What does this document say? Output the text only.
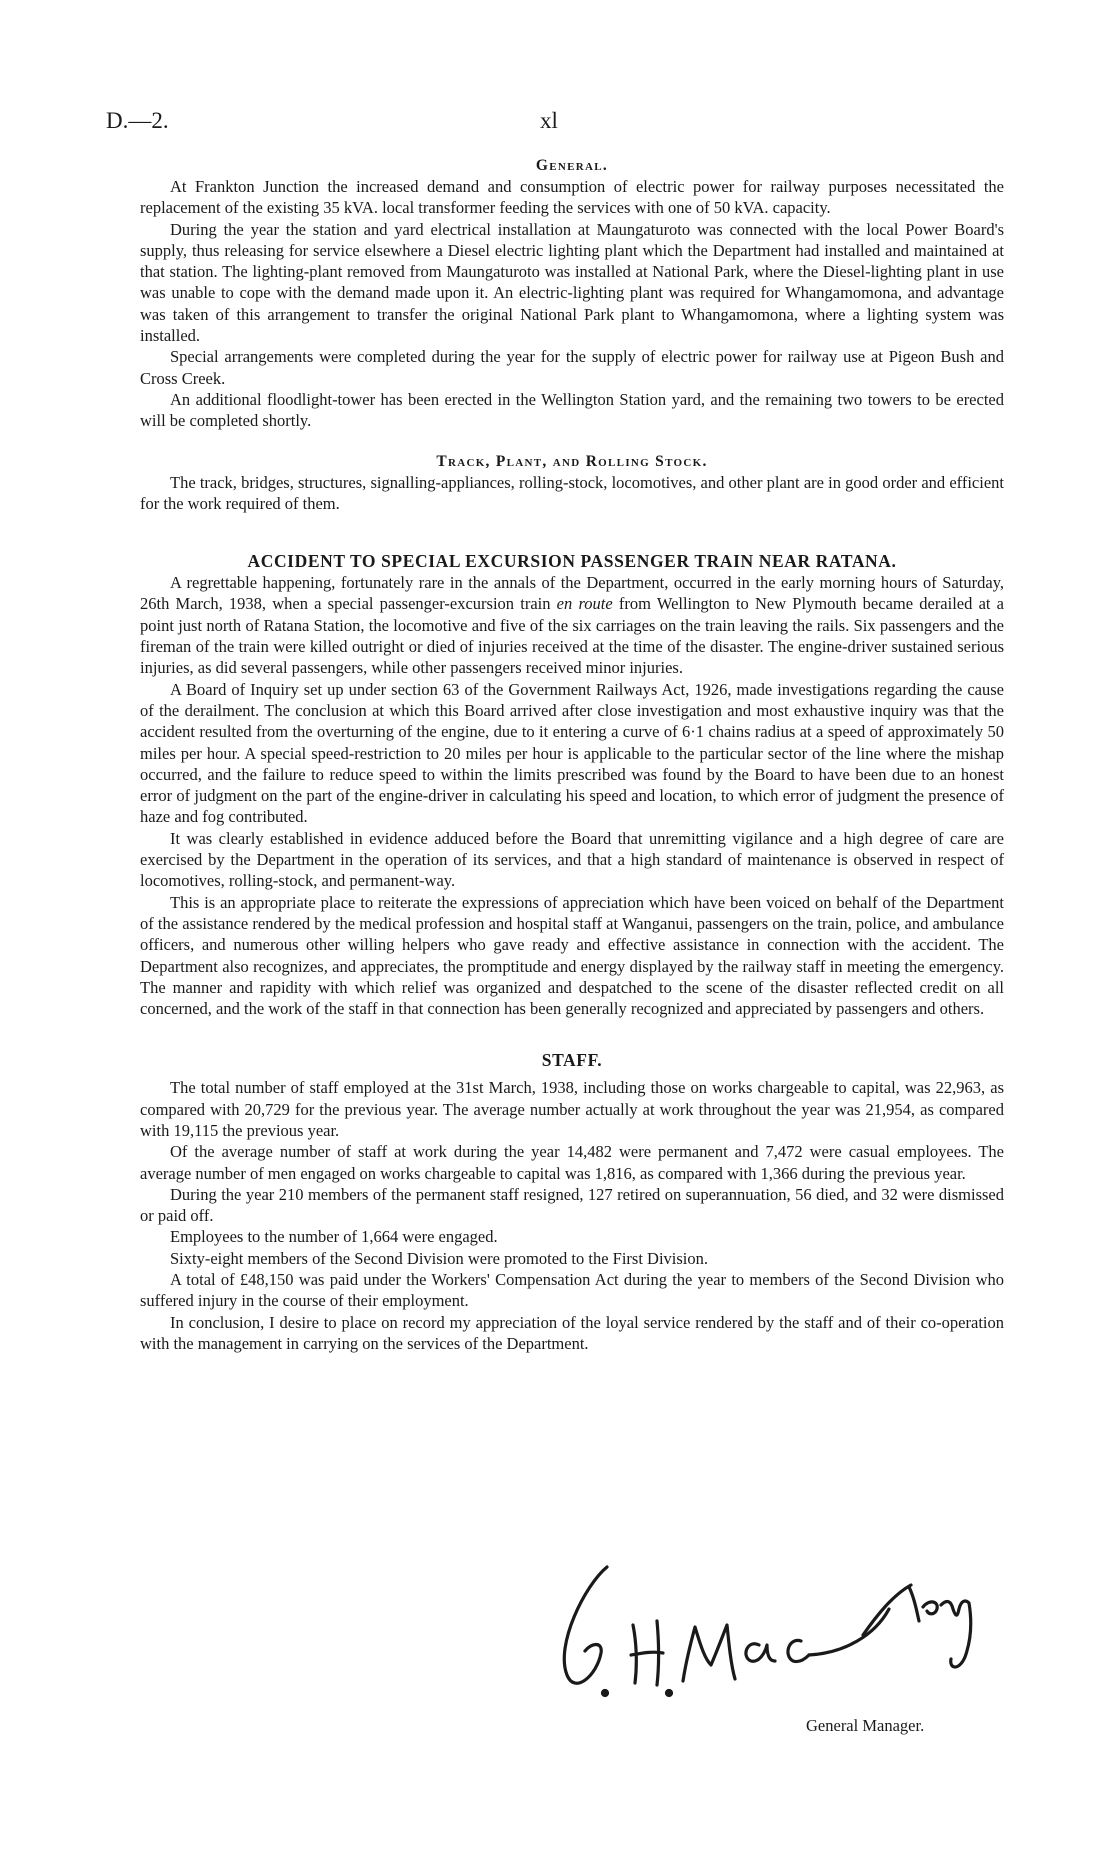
D.—2.	xl
General.

At Frankton Junction the increased demand and consumption of electric power for railway purposes necessitated the replacement of the existing 35 kVA. local transformer feeding the services with one of 50 kVA. capacity.

During the year the station and yard electrical installation at Maungaturoto was connected with the local Power Board's supply, thus releasing for service elsewhere a Diesel electric lighting plant which the Department had installed and maintained at that station. The lighting-plant removed from Maungaturoto was installed at National Park, where the Diesel-lighting plant in use was unable to cope with the demand made upon it. An electric-lighting plant was required for Whangamomona, and advantage was taken of this arrangement to transfer the original National Park plant to Whangamomona, where a lighting system was installed.

Special arrangements were completed during the year for the supply of electric power for railway use at Pigeon Bush and Cross Creek.

An additional floodlight-tower has been erected in the Wellington Station yard, and the remaining two towers to be erected will be completed shortly.

Track, Plant, and Rolling Stock.

The track, bridges, structures, signalling-appliances, rolling-stock, locomotives, and other plant are in good order and efficient for the work required of them.

ACCIDENT TO SPECIAL EXCURSION PASSENGER TRAIN NEAR RATANA.

A regrettable happening, fortunately rare in the annals of the Department, occurred in the early morning hours of Saturday, 26th March, 1938, when a special passenger-excursion train en route from Wellington to New Plymouth became derailed at a point just north of Ratana Station, the locomotive and five of the six carriages on the train leaving the rails. Six passengers and the fireman of the train were killed outright or died of injuries received at the time of the disaster. The engine-driver sustained serious injuries, as did several passengers, while other passengers received minor injuries.

A Board of Inquiry set up under section 63 of the Government Railways Act, 1926, made investigations regarding the cause of the derailment. The conclusion at which this Board arrived after close investigation and most exhaustive inquiry was that the accident resulted from the overturning of the engine, due to it entering a curve of 6·1 chains radius at a speed of approximately 50 miles per hour. A special speed-restriction to 20 miles per hour is applicable to the particular sector of the line where the mishap occurred, and the failure to reduce speed to within the limits prescribed was found by the Board to have been due to an honest error of judgment on the part of the engine-driver in calculating his speed and location, to which error of judgment the presence of haze and fog contributed.

It was clearly established in evidence adduced before the Board that unremitting vigilance and a high degree of care are exercised by the Department in the operation of its services, and that a high standard of maintenance is observed in respect of locomotives, rolling-stock, and permanent-way.

This is an appropriate place to reiterate the expressions of appreciation which have been voiced on behalf of the Department of the assistance rendered by the medical profession and hospital staff at Wanganui, passengers on the train, police, and ambulance officers, and numerous other willing helpers who gave ready and effective assistance in connection with the accident. The Department also recognizes, and appreciates, the promptitude and energy displayed by the railway staff in meeting the emergency. The manner and rapidity with which relief was organized and despatched to the scene of the disaster reflected credit on all concerned, and the work of the staff in that connection has been generally recognized and appreciated by passengers and others.

STAFF.

The total number of staff employed at the 31st March, 1938, including those on works chargeable to capital, was 22,963, as compared with 20,729 for the previous year. The average number actually at work throughout the year was 21,954, as compared with 19,115 the previous year.

Of the average number of staff at work during the year 14,482 were permanent and 7,472 were casual employees. The average number of men engaged on works chargeable to capital was 1,816, as compared with 1,366 during the previous year.

During the year 210 members of the permanent staff resigned, 127 retired on superannuation, 56 died, and 32 were dismissed or paid off.

Employees to the number of 1,664 were engaged.

Sixty-eight members of the Second Division were promoted to the First Division.

A total of £48,150 was paid under the Workers' Compensation Act during the year to members of the Second Division who suffered injury in the course of their employment.

In conclusion, I desire to place on record my appreciation of the loyal service rendered by the staff and of their co-operation with the management in carrying on the services of the Department.

General Manager.
